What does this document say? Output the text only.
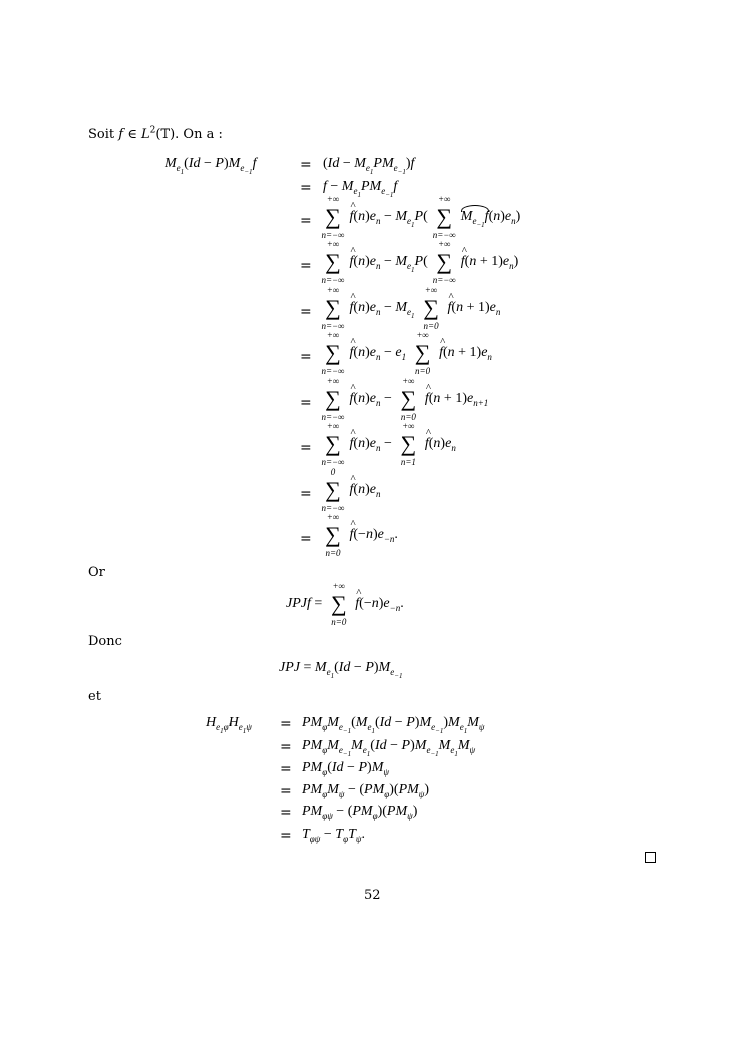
Soit f ∈ $L^2(𝕋)$. On a :
$M_{e_1}(Id - P)M_{e_{-1}}f$	= $(Id - M_{e_1}PM_{e_{-1}})f$
= $f - M_{e_1}PM_{e_{-1}}f$
=
+∞
∑
n=−∞
^ $f(n)e_n - M_{e_1}P$(
+∞
∑
n=−∞
$M_{e_{-1}}f(n)e_n$)
=
+∞
∑
n=−∞
^ $f(n)e_n - M_{e_1}P$(
+∞
∑
n=−∞
^ $f(n + 1)e_n$)
=
+∞
∑
n=−∞
^ $f(n)e_n - M_{e_1}$
+∞
∑
n=0
^ $f(n + 1)e_n$
=
+∞
∑
n=−∞
^ $f(n)e_n - e_1$
+∞
∑
n=0
^ $f(n + 1)e_n$
=
+∞
∑
n=−∞
^ $f(n)e_n$ −
+∞
∑
n=0
^ $f(n + 1)e_{n+1}$
=
+∞
∑
n=−∞
^ $f(n)e_n$ −
+∞
∑
n=1
^ $f(n)e_n$
=
0
∑
n=−∞
^ $f(n)e_n$
=
+∞
∑
n=0
^ $f(-n)e_{-n}$.
Or
JPJf =
+∞
∑
n=0
^ $f(-n)e_{-n}$.
Donc
JPJ = $M_{e_1}(Id - P)M_{e_{-1}}$
et
$H_{e_1\varphǐ}H_{e_1\psi} = PM_\varphi M_{e_{-1}}(M_{e_1}(Id - P)M_{e_{-1}})M_{e_1}M_\psi$
= $PM_\varphi M_{e_{-1}}M_{e_1}(Id - P)M_{e_{-1}}M_{e_1}M_\psi$
= $PM_\varphi(Id - P)M_\psi$
= $PM_\varphi M_\psi - (PM_\varphi)(PM_\psi)$
= $PM_{\varphi\psi} - (PM_\varphi)(PM_\psi)$
= $T_{\varphi\psi} - T_\varphi T_\psi$.
52
